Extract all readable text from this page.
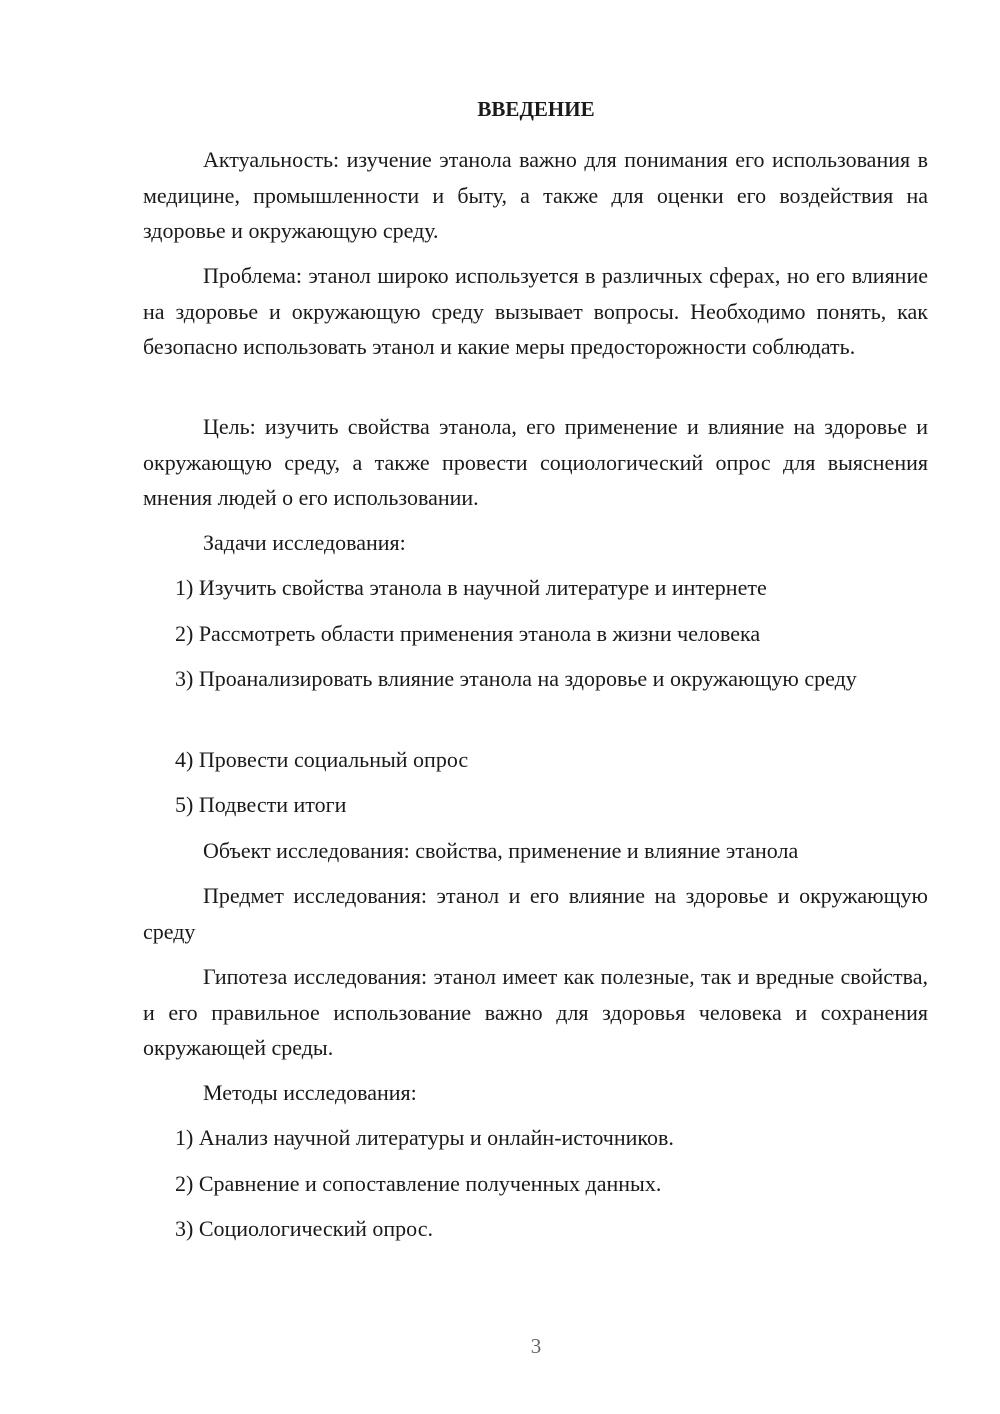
ВВЕДЕНИЕ

Актуальность: изучение этанола важно для понимания его использования в медицине, промышленности и быту, а также для оценки его воздействия на здоровье и окружающую среду.

Проблема: этанол широко используется в различных сферах, но его влияние на здоровье и окружающую среду вызывает вопросы. Необходимо понять, как безопасно использовать этанол и какие меры предосторожности соблюдать.

Цель: изучить свойства этанола, его применение и влияние на здоровье и окружающую среду, а также провести социологический опрос для выяснения мнения людей о его использовании.

Задачи исследования:

1) Изучить свойства этанола в научной литературе и интернете

2) Рассмотреть области применения этанола в жизни человека

3) Проанализировать влияние этанола на здоровье и окружающую среду

4) Провести социальный опрос

5) Подвести итоги

Объект исследования: свойства, применение и влияние этанола

Предмет исследования: этанол и его влияние на здоровье и окружающую среду

Гипотеза исследования: этанол имеет как полезные, так и вредные свойства, и его правильное использование важно для здоровья человека и сохранения окружающей среды.

Методы исследования:

1) Анализ научной литературы и онлайн-источников.

2) Сравнение и сопоставление полученных данных.

3) Социологический опрос.

3
